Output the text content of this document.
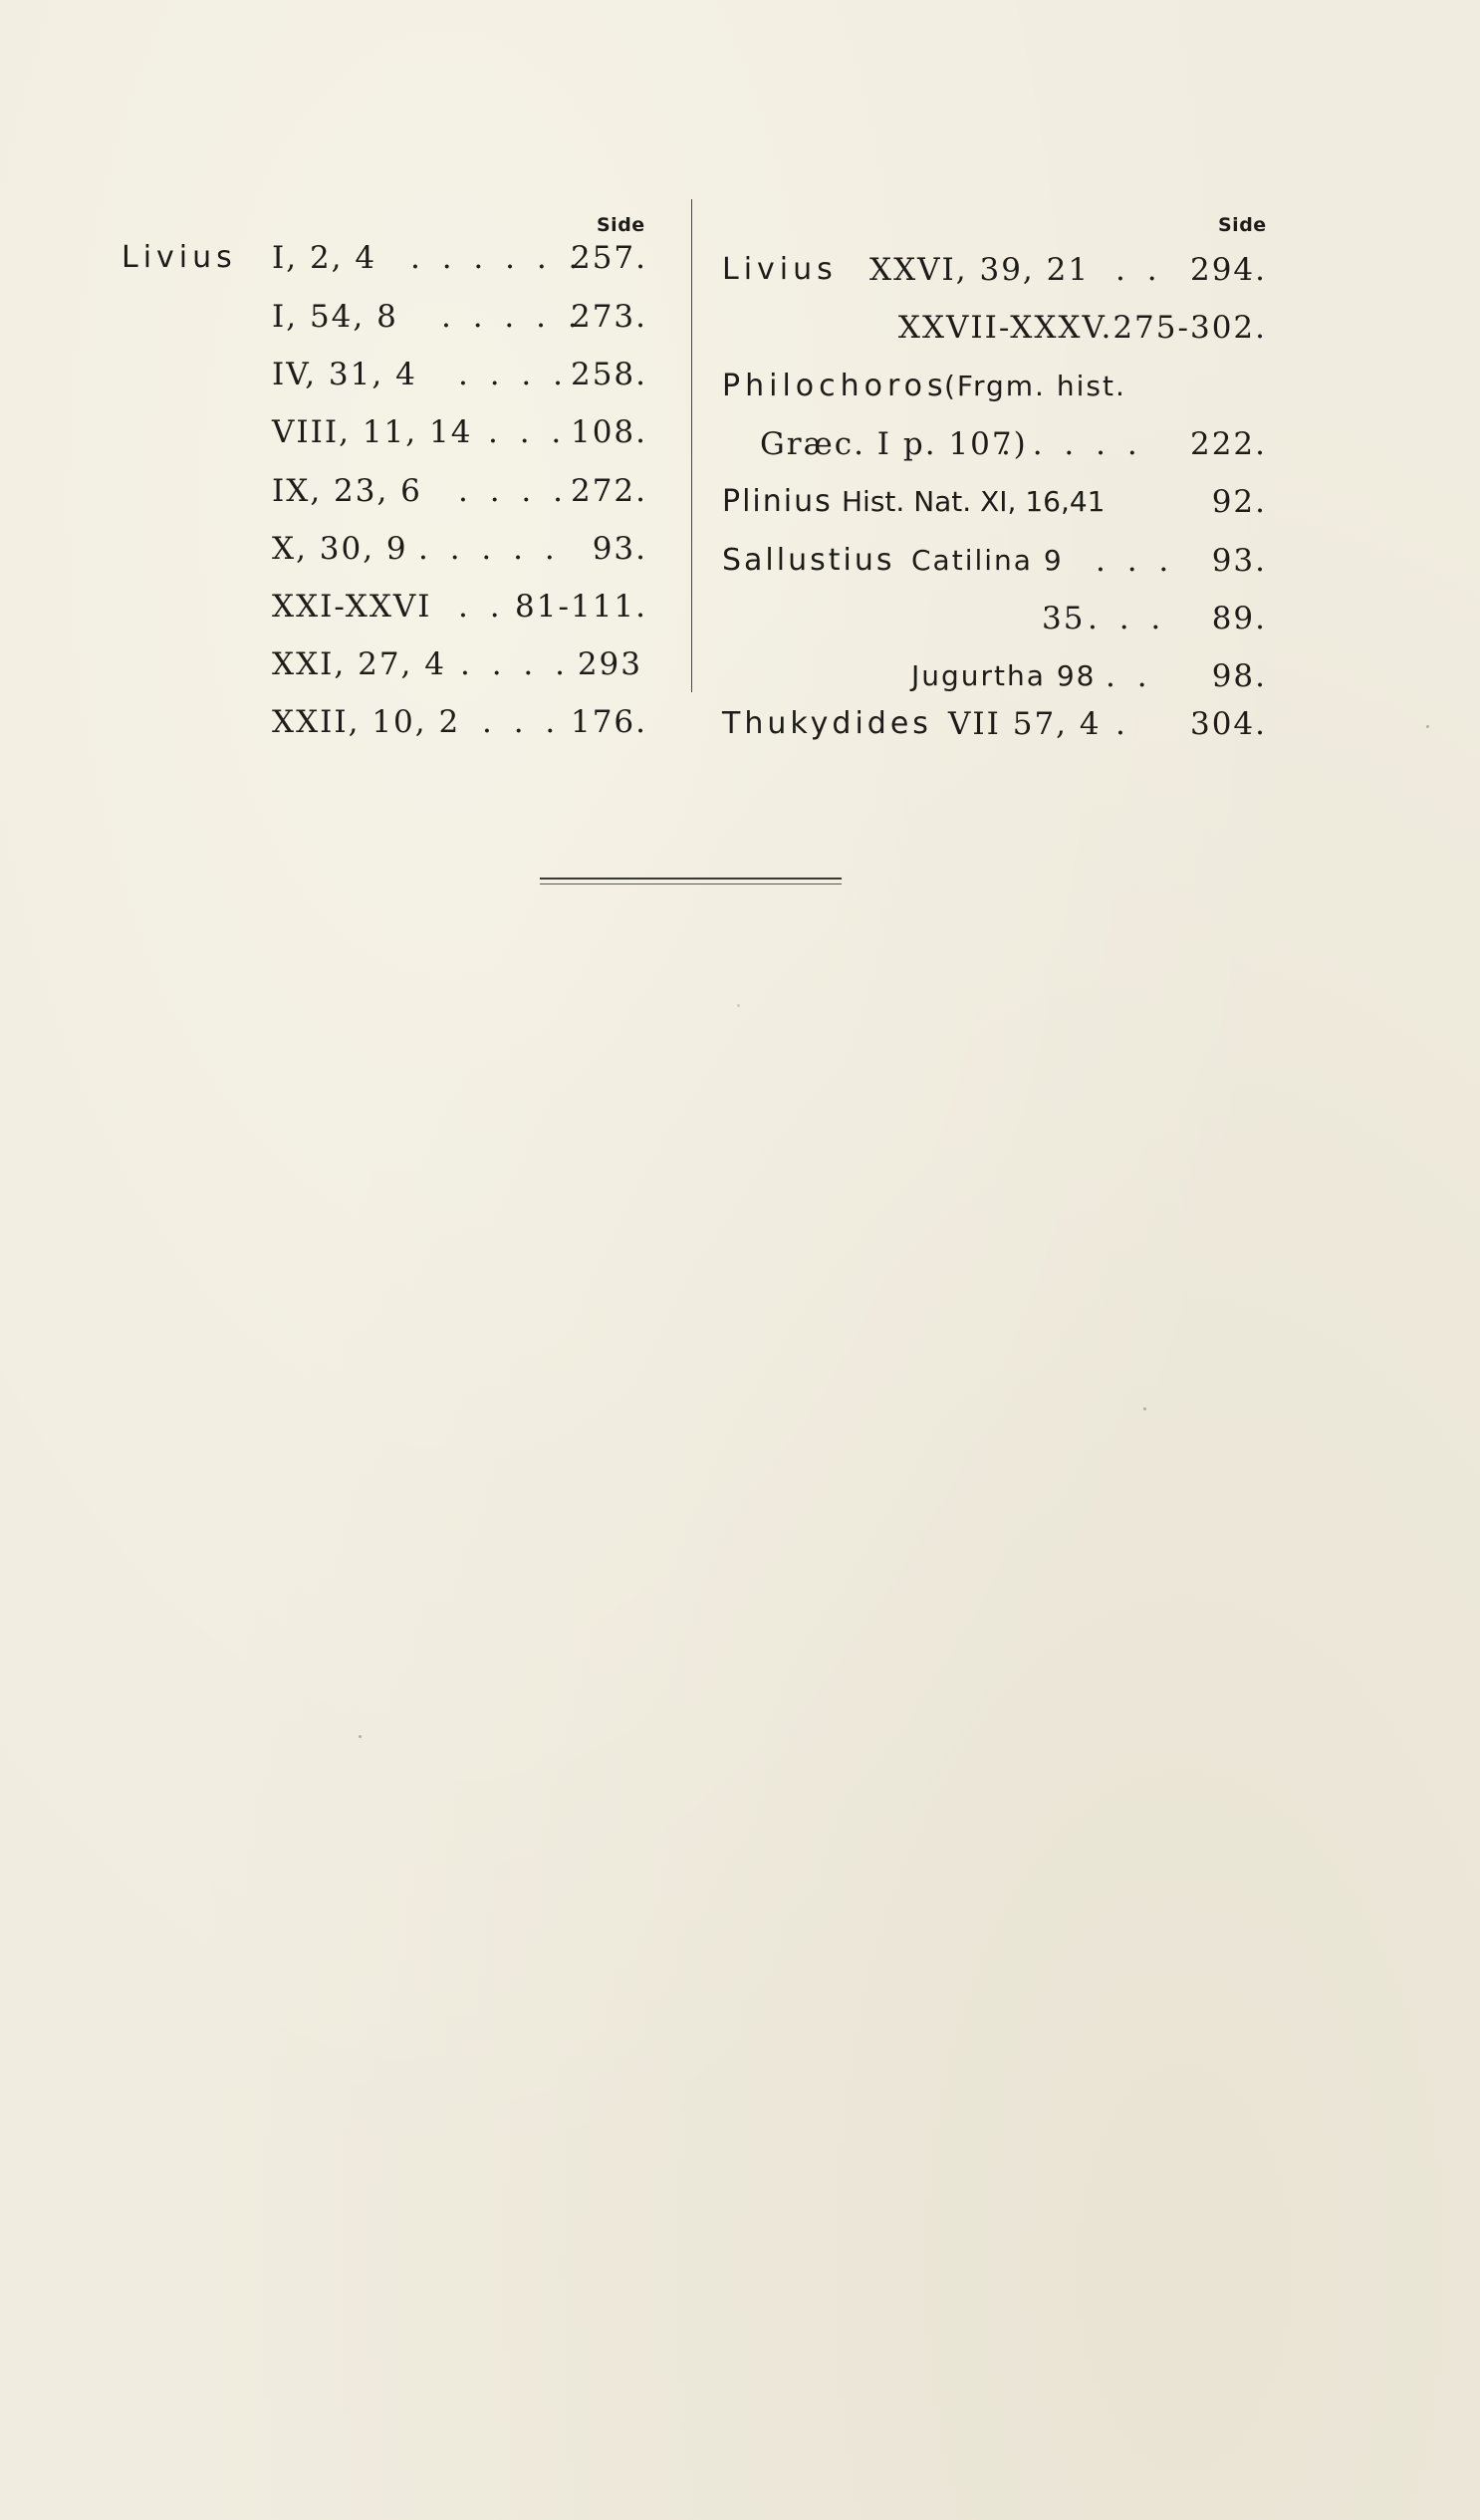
Side	Side
Livius I, 2, 4 . . . . . .
257.
I, 54, 8 . . . . .
273.
IV, 31, 4 . . . . 258.
VIII, 11, 14 . . . 108.
IX, 23, 6 . . . . 272.
X, 30, 9 . . . . . 93.
XXI-XXVI . . 81-111.
XXI, 27, 4 . . . . 293
XXII, 10, 2 . . . 176.
Livius XXVI, 39, 21 . . 294.
XXVII-XXXV.275-302.
Philochoros
(Frgm. hist.
Græc. I p. 107)
. . . . . 222.
Plinius Hist. Nat. XI, 16,41	92.
Sallustius Catilina 9 . . . 93.
35 . . . 89.
Jugurtha 98 . . 98.
Thukydides VII 57, 4 . 304.
